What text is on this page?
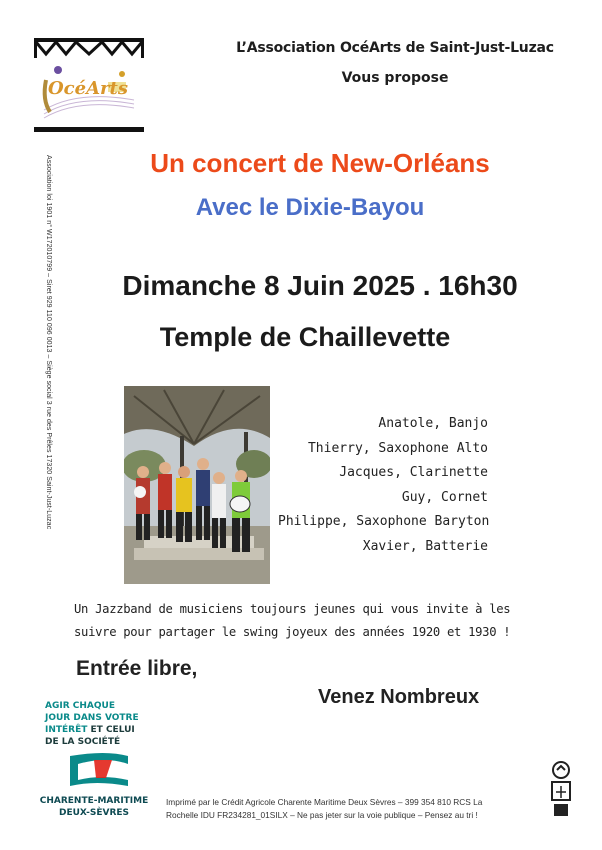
OcéArts
L’Association OcéArts de Saint-Just-Luzac
Vous propose
Un concert de New-Orléans
Avec le Dixie-Bayou
Dimanche 8 Juin 2025 . 16h30
Temple de Chaillevette
Association loi 1901 n° W172010799 – Siret 929 110 096 0013 – Siège social 3 rue des Prêles 17320 Saint-Just-Luzac	Anatole, Banjo
Thierry, Saxophone Alto
Jacques, Clarinette
Guy, Cornet
Philippe, Saxophone Baryton
Xavier, Batterie
Un Jazzband de musiciens toujours jeunes qui vous invite à les
suivre pour partager le swing joyeux des années 1920 et 1930 !
Entrée libre,
Venez Nombreux
AGIR CHAQUE
JOUR DANS VOTRE
INTÉRÊT ET CELUI
DE LA SOCIÉTÉ
CHARENTE-MARITIME
DEUX-SÈVRES
Imprimé par le Crédit Agricole Charente Maritime Deux Sèvres – 399 354 810 RCS La
Rochelle IDU FR234281_01SILX – Ne pas jeter sur la voie publique – Pensez au tri !
